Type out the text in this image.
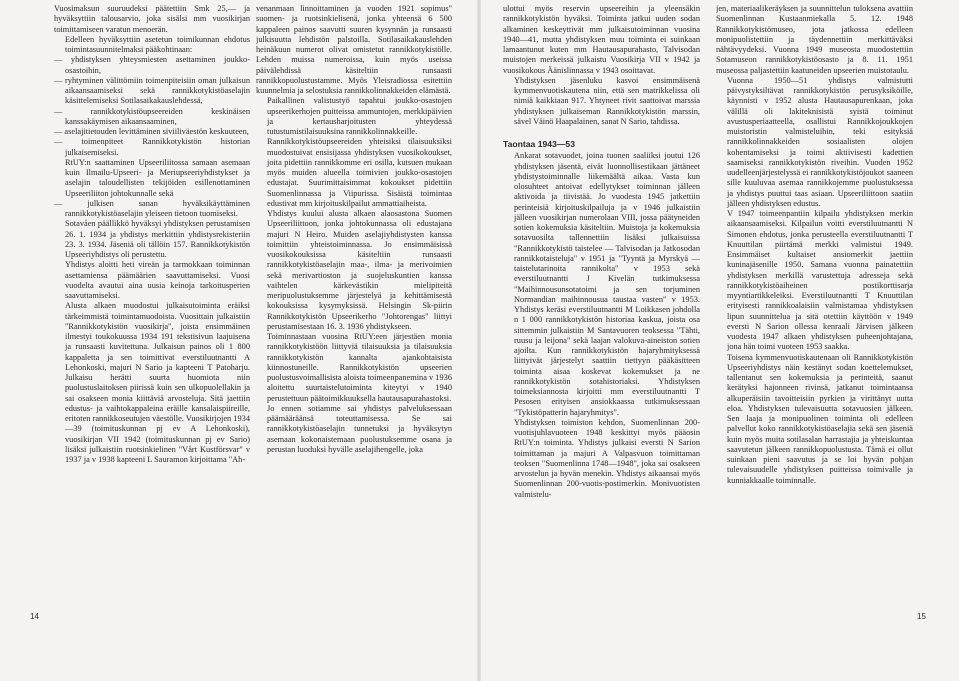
Vuosimaksun suuruudeksi päätettiin Smk 25,— ja hyväksyttiin talousarvio, joka sisälsi mm vuosikirjan toimittamiseen varatun menoerän.

Edelleen hyväksyttiin asetetun toimikunnan ehdotus toimintasuunnitelmaksi pääkohtinaan:

— yhdistyksen yhteysmiesten asettaminen joukko-osastoihin,

— ryhtyminen välittömiin toimenpiteisiin oman julkaisun aikaansaamiseksi sekä rannikkotykistöaselajin käsittelemiseksi Sotilasaikakauslehdessä,

— rannikkotykistöupseereiden keskinäisen kanssakäymisen aikaansaaminen,

— aselajitietouden levittäminen siviiliväestön keskuuteen,

— toimenpiteet Rannikkotykistön historian julkaisemiseksi.

RtUY:n saattaminen Upseeriliitossa samaan asemaan kuin Ilmailu-Upseeri- ja Meriupseeriyhdistykset ja aselajin taloudellisten tekijöiden esillenottaminen Upseeriliiton johtokunnalle sekä

— julkisen sanan hyväksikäyttäminen rannikkotykistöaselajin yleiseen tietoon tuomiseksi.

Sotavåen päällikkö hyväksyi yhdistyksen perustamisen 26. 1. 1934 ja yhdistys merkittiin yhdistysrekisteriin 23. 3. 1934. Jäseniä oli tällöin 157. Rannikkotykistön Upseeriyhdistys oli perustettu.

Yhdistys aloitti heti vireän ja tarmokkaan toiminnan asettamiensa päämäärien saavuttamiseksi. Vuosi vuodelta avautui aina uusia keinoja tarkoitusperien saavuttamiseksi.

Alusta alkaen muodostui julkaisutoiminta eräiksi tärkeimmistä toimintamuodoista. Vuosittain julkaistiin "Rannikkotykistön vuosikirja", joista ensimmäinen ilmestyi toukokuussa 1934 191 tekstisivun laajuisena ja runsaasti kuvitettuna. Julkaisun painos oli 1 800 kappaletta ja sen toimittivat everstiluutnantti A Lehonkoski, majuri N Sario ja kapteeni T Patoharju. Julkaisu herätti suurta huomiota niin puolustuslaitoksen piirissä kuin sen ulkopuolellakin ja sai osakseen monia kiittäviä arvosteluja. Sitä jaettiin edustus- ja vaihtokappaleina eräille kansalaispiireille, eritoten rannikkoseutujen väestölle. Vuosikirjojen 1934—39 (toimituskunnan pj ev A Lehonkoski), vuosikirjan VII 1942 (toimituskunnan pj ev Sario) lisäksi julkaistiin ruotsinkielinen "Vårt Kustförsvar" v 1937 ja v 1938 kapteeni L Sauramon kirjoittama "Ah-

venanmaan linnoittaminen ja vuoden 1921 sopimus" suomen- ja ruotsinkielisenä, jonka yhteensä 6 500 kappaleen painos saavutti suuren kysynnän ja runsaasti julkisuutta lehdistön palstoilla. Sotilasaikakauslehden heinäkuun numerot olivat omistetut rannikkotykistölle. Lehden muissa numeroissa, kuin myös useissa päivälehdissä käsiteltiin runsaasti rannikkopuolustustamme. Myös Yleisradiossa esitettiin kuunnelmia ja selostuksia rannikkolinnakkeiden elämästä.

Paikallinen valistustyö tapahtui joukko-osastojen upseerikerhojen puitteissa ammuntojen, merkkipäivien ja kertausharjoitusten yhteydessä tutustumistilaisuuksina rannikkolinnakkeille.

Rannikkotykistöupseereiden yhteisiksi tilaisuuksiksi muodostuivat ensisijassa yhdistyksen vuosikokoukset, joita pidettiin rannikkomme eri osilla, kutsuen mukaan myös muiden alueella toimivien joukko-osastojen edustajat. Suurimittaisimmat kokoukset pidettiin Suomenlinnassa ja Viipurissa. Sisäistä toimintaa edustivat mm kirjoituskilpailut ammattiaiheista.

Yhdistys kuului alusta alkaen alaosastona Suomen Upseeriliittoon, jonka johtokunnassa oli edustajana majuri N Heiro. Muiden aselajiyhdistysten kanssa toimittiin yhteistoiminnassa. Jo ensimmäisissä vuosikokouksissa käsiteltiin runsaasti rannikkotykistöaselajin maa-, ilma- ja merivoimien sekä merivartioston ja suojeluskuntien kanssa vaihtelen kärkevästikin mielipiteitä meripuolustuksemme järjestelyä ja kehittämisestä kokouksissa kysymyksissä. Helsingin Sk-piirin Rannikkotykistön Upseerikerho "Johtorengas" liittyi perustamisestaan 16. 3. 1936 yhdistykseen.

Toiminnastaan vuosina RtUY:een järjestäen monia rannikkotykistöön liittyviä tilaisuuksia ja tilaisuuksia rannikkotykistön kannalta ajankohtaisista kiinnostuneille. Rannikkotykistön upseerien puolustusvoimallisista aloista toimeenpanemina v 1936 aloitettu suurtaistelutoiminta kiteytyi v 1940 perustettuun päätoimikkuuksella hautausapurahastoksi.

Jo ennen sotiamme sai yhdistys palveluksessaan päämääräänsä toteuttamisessa. Se sai rannikkotykistöaselajin tunnetuksi ja hyväksytyn asemaan kokonaistemaan puolustuksemme osana ja perustan luoduksi hyvälle aselajihengelle, joka

14

ulottui myös reservin upseereihin ja yleensäkin rannikkotykistön hyväksi. Toiminta jatkui uuden sodan alkaminen keskeyttivät mm julkaisutoiminnan vuosina 1940—41, mutta yhdistyksen muu toiminta ei suinkaan lamaantunut kuten mm Hautausapurahasto, Talvisodan muistojen merkeissä julkaistu Vuosikirja VII v 1942 ja vuosikokous Äänislinnassa v 1943 osoittavat.

Yhdistyksen jäsenluku kasvoi ensimmäisenä kymmenvuotiskautena niin, että sen matrikkelissa oli nimiä kaikkiaan 917. Yhtyneet rivit saattoivat marssia yhdistyksen julkaiseman Rannikkotykistön marssin, sävel Väinö Haapalainen, sanat N Sario, tahdissa.

Taontaa 1943—53

Ankarat sotavuodet, joina tuonen saaliiksi joutui 126 yhdistyksen jäsentä, eivät luonnollisestikaan jättäneet yhdistystoiminnalle liikemäältä aikaa. Vasta kun olosuhteet antoivat edellytykset toiminnan jälleen aktivoida ja tiivistää. Jo vuodesta 1945 jatkettiin perinteisiä kirjoituskilpailuja ja v 1946 julkaistiin jälleen vuosikirjan numerolaan VIII, jossa päätyneiden sotien kokemuksia käsiteltiin. Muistoja ja kokemuksia sotavuosilta tallennettiin lisäksi julkaisuissa "Rannikkotykistö taistelee — Talvisodan ja Jatkosodan rannikkotaisteluja" v 1951 ja "Tyyntä ja Myrskyä — taistelutarinoita rannikolta" v 1953 sekä everstiluutnantti J Kivelän tutkimuksessa "Maihinnousunsotatoimi ja sen torjuminen Normandian maihinnousua taustaa vasten" v 1953. Yhdistys keräsi everstiluutnantti M Loikkasen johdolla n 1 000 rannikkotykistön historiaa kaskua, joista osa sittemmin julkaistiin M Santavuoren teoksessa "Tähti, ruusu ja leijona" sekä laajan valokuva-aineiston sotien ajoilta. Kun rannikkotykistön hajaryhmityksessä liittyivät järjestelyt saattiin tiettyyn pääkäsitteen toiminta aisaa koskevat kokemukset ja ne rannikkotykistön sotahistoriaksi. Yhdistyksen toimeksiannosta kirjoitti mm everstiluutnantti T Pesosen erityisen ansiokkaassa tutkimuksessaan "Tykistöpatterin hajaryhmitys".

Yhdistyksen toimiston kehdon, Suomenlinnan 200-vuotisjuhlavuoteen 1948 keskittyi myös pääosin RtUY:n toiminta. Yhdistys julkaisi eversti N Sarion toimittaman ja majuri A Valpasvuon toimittaman teoksen "Suomenlinna 1748—1948", joka sai osakseen arvostelun ja hyvän menekin. Yhdistys aikaansai myös Suomenlinnan 200-vuotis-postimerkin. Monivuotisten valmistelu-

jen, materiaalikeräyksen ja suunnittelun tuloksena avattiin Suomenlinnan Kustaanmiekalla 5. 12. 1948 Rannikkotykistömuseo, jota jatkossa edelleen monipuolistettiin ja täydennettiin merkittäväksi nähtävyydeksi. Vuonna 1949 museosta muodostettiin Sotamuseon rannikkotykistöosasto ja 8. 11. 1951 museossa paljastettiin kaatuneiden upseerien muistotaulu.

Vuonna 1950—51 yhdistys valmistutti päivystyksiltävat rannikkotykistön perusyksiköille, käynnisti v 1952 alusta Hautausapurenkaan, joka välillä oli lakiteknisistä syistä toiminut avustusperiaatteella, osallistui Rannikkojoukkojen muistoristin valmisteluihin, teki esityksiä rannikkolinnakkeiden sosiaalisten olojen kohentamiseksi ja toimi aktiivisesti kadettien saamiseksi rannikkotykistön riveihin. Vuoden 1952 uudelleenjärjestelyssä ei rannikkotykistöjoukot saaneen sille kuuluvaa asemaa rannikkojemme puolustuksessa ja yhdistys puuttui taas asiaan. Upseeriliittoon saatiin jälleen yhdistyksen edustus.

V 1947 toimeenpantiin kilpailu yhdistyksen merkin aikaansaamiseksi. Kilpailun voitti everstiluutnantti N Simonen ehdotus, jonka perusteella everstiluutnantti T Knuuttilan piirtämä merkki valmistui 1949. Ensimmäiset kultaiset ansiomerkit jaettiin kuninajäsenille 1950. Samana vuonna painatettiin yhdistyksen merkillä varustettuja adresseja sekä rannikkotykistöaiheinen postikorttisarja myyntiartikkeleiksi. Everstiluutnantti T Knuuttilan erityisesti rannikkoalaisiin valmistamaa yhdistyksen lipun suunnittelua ja sitä otettiin käyttöön v 1949 eversti N Sarion ollessa kenraali Järvisen jälkeen vuodesta 1947 alkaen yhdistyksen puheenjohtajana, jona hän toimi vuoteen 1953 saakka.

Toisena kymmenvuotiskautenaan oli Rannikkotykistön Upseeriyhdistys näin kestänyt sodan koettelemukset, tallentanut sen kokemuksia ja perinteitä, saanut kerätyksi hajonneen rivinsä, jatkanut toimintaansa alkuperäisiin tavoitteisiin pyrkien ja virittänyt uutta eloa. Yhdistyksen tulevaisuutta sotavuosien jälkeen. Sen laaja ja monipuolinen toiminta oli edelleen palvellut koko rannikkotykistöaselajia sekä sen jäseniä kuin myös muita sotilasalan harrastajia ja yhteiskuntaa saavutetun jälkeen rannikkopuolustusta. Tämä ei ollut suinkaan pieni saavutus ja se loi hyvän pohjan tulevaisuudelle yhdistyksen puitteissa toimivalle ja kunniakkaalle toiminnalle.

15
